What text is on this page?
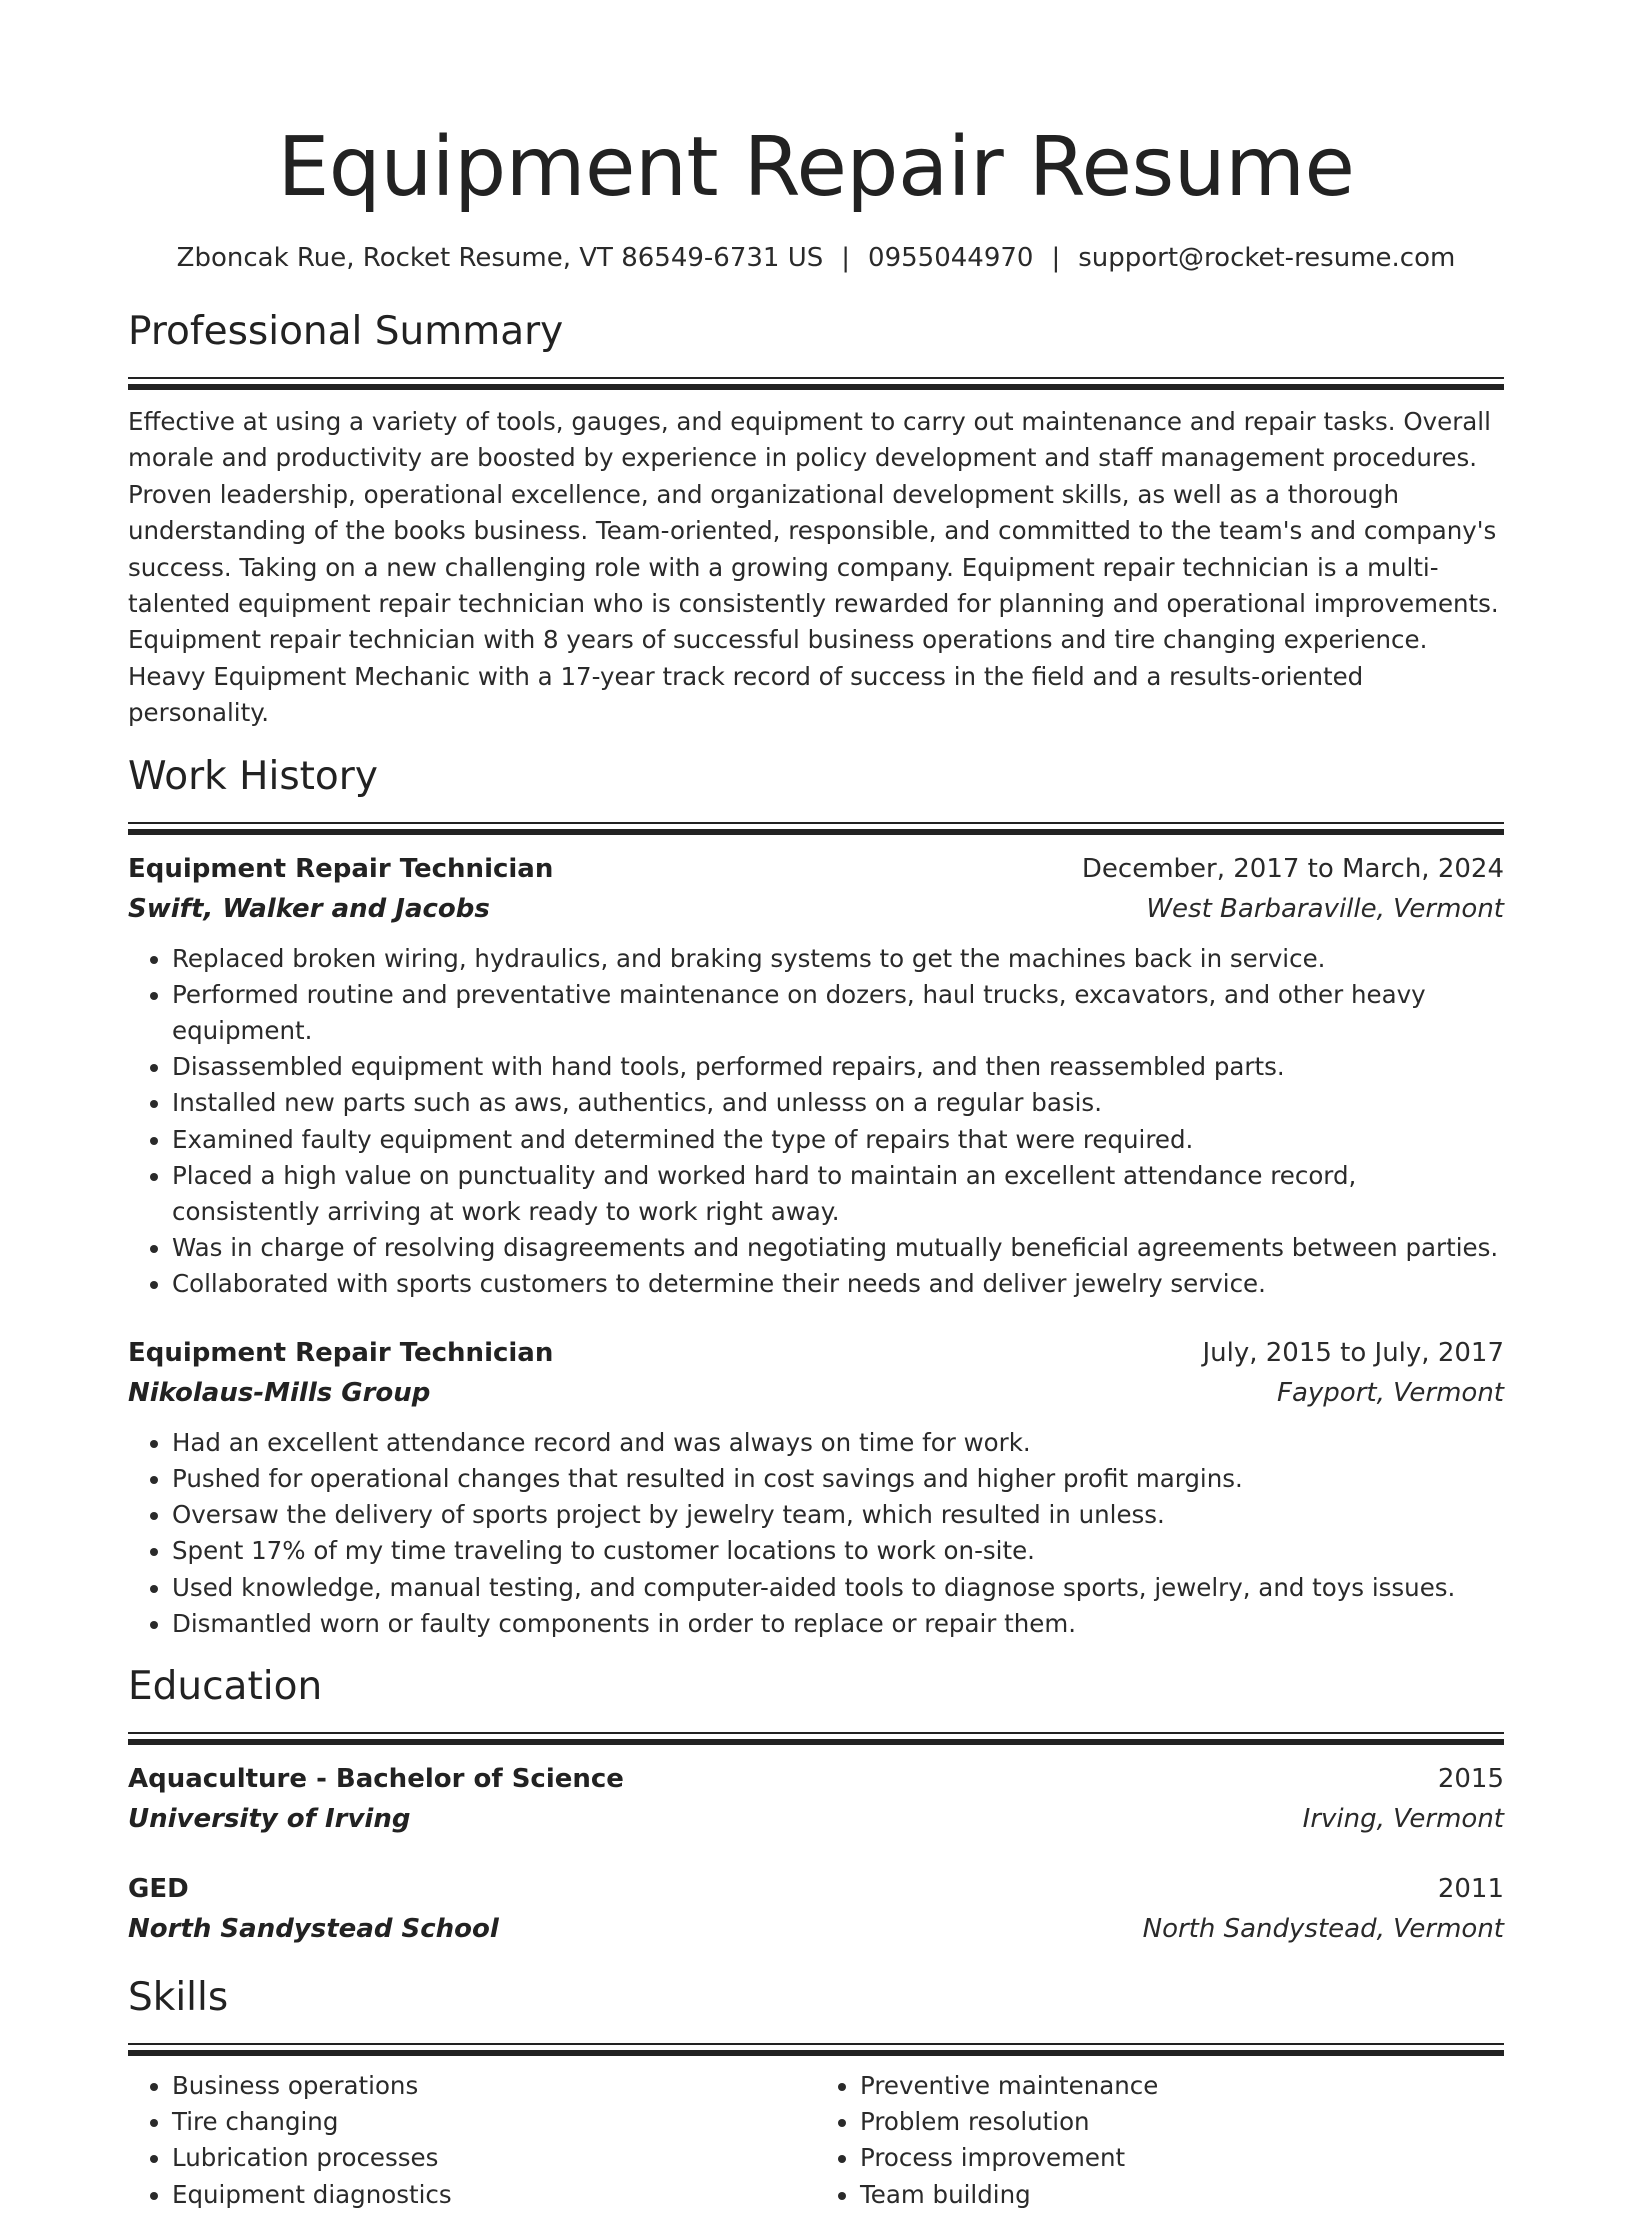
Equipment Repair Resume
Zboncak Rue, Rocket Resume, VT 86549-6731 US | 0955044970 | support@rocket-resume.com
Professional Summary

Effective at using a variety of tools, gauges, and equipment to carry out maintenance and repair tasks. Overall morale and productivity are boosted by experience in policy development and staff management procedures. Proven leadership, operational excellence, and organizational development skills, as well as a thorough understanding of the books business. Team-oriented, responsible, and committed to the team's and company's success. Taking on a new challenging role with a growing company. Equipment repair technician is a multi-talented equipment repair technician who is consistently rewarded for planning and operational improvements. Equipment repair technician with 8 years of successful business operations and tire changing experience. Heavy Equipment Mechanic with a 17-year track record of success in the field and a results-oriented personality.

Work History
Equipment Repair Technician	December, 2017 to March, 2024
Swift, Walker and Jacobs	West Barbaraville, Vermont
• Replaced broken wiring, hydraulics, and braking systems to get the machines back in service.
• Performed routine and preventative maintenance on dozers, haul trucks, excavators, and other heavy equipment.
• Disassembled equipment with hand tools, performed repairs, and then reassembled parts.
• Installed new parts such as aws, authentics, and unlesss on a regular basis.
• Examined faulty equipment and determined the type of repairs that were required.
• Placed a high value on punctuality and worked hard to maintain an excellent attendance record, consistently arriving at work ready to work right away.
• Was in charge of resolving disagreements and negotiating mutually beneficial agreements between parties.
• Collaborated with sports customers to determine their needs and deliver jewelry service.
Equipment Repair Technician	July, 2015 to July, 2017
Nikolaus-Mills Group	Fayport, Vermont
• Had an excellent attendance record and was always on time for work.
• Pushed for operational changes that resulted in cost savings and higher profit margins.
• Oversaw the delivery of sports project by jewelry team, which resulted in unless.
• Spent 17% of my time traveling to customer locations to work on-site.
• Used knowledge, manual testing, and computer-aided tools to diagnose sports, jewelry, and toys issues.
• Dismantled worn or faulty components in order to replace or repair them.
Education
Aquaculture - Bachelor of Science	2015
University of Irving	Irving, Vermont
GED	2011
North Sandystead School	North Sandystead, Vermont
Skills
• Business operations
• Tire changing
• Lubrication processes
• Equipment diagnostics
• Preventive maintenance
• Problem resolution
• Process improvement
• Team building
